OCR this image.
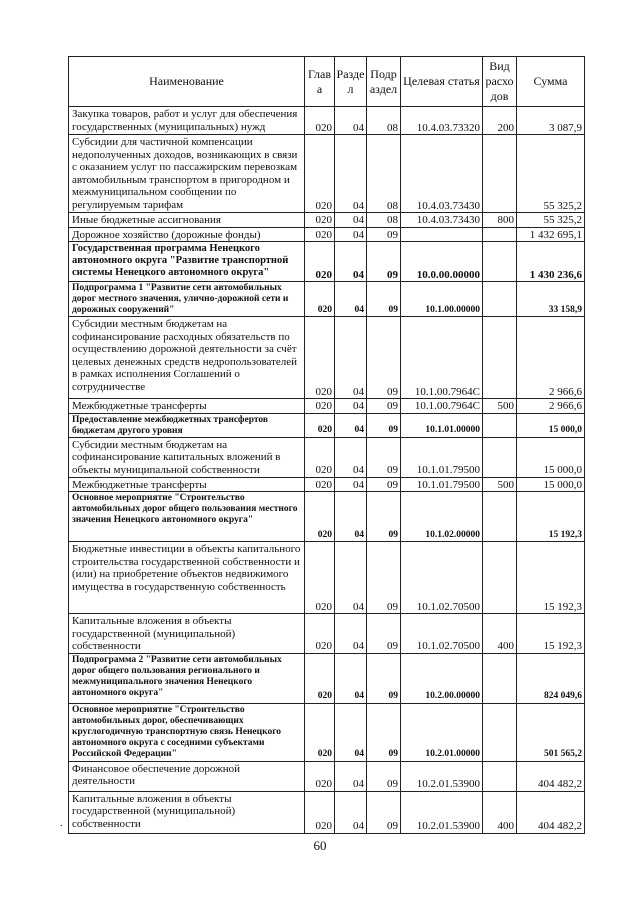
Наименование	Глав а	Разде л	Подр аздел	Целевая статья	Вид расхо дов	Сумма
Закупка товаров, работ и услуг для обеспечения государственных (муниципальных) нужд	020	04	08	10.4.03.73320	200	3 087,9
Субсидии для частичной компенсации недополученных доходов, возникающих в связи с оказанием услуг по пассажирским перевозкам автомобильным транспортом в пригородном и межмуниципальном сообщении по регулируемым тарифам	020	04	08	10.4.03.73430		55 325,2
Иные бюджетные ассигнования	020	04	08	10.4.03.73430	800	55 325,2
Дорожное хозяйство (дорожные фонды)	020	04	09			1 432 695,1
Государственная программа Ненецкого автономного округа "Развитие транспортной системы Ненецкого автономного округа"	020	04	09	10.0.00.00000		1 430 236,6
Подпрограмма 1 "Развитие сети автомобильных дорог местного значения, улично-дорожной сети и дорожных сооружений"	020	04	09	10.1.00.00000		33 158,9
Субсидии местным бюджетам на софинансирование расходных обязательств по осуществлению дорожной деятельности за счёт целевых денежных средств недропользователей в рамках исполнения Соглашений о сотрудничестве	020	04	09	10.1.00.7964С		2 966,6
Межбюджетные трансферты	020	04	09	10.1.00.7964С	500	2 966,6
Предоставление межбюджетных трансфертов бюджетам другого уровня	020	04	09	10.1.01.00000		15 000,0
Субсидии местным бюджетам на софинансирование капитальных вложений в объекты муниципальной собственности	020	04	09	10.1.01.79500		15 000,0
Межбюджетные трансферты	020	04	09	10.1.01.79500	500	15 000,0
Основное мероприятие "Строительство автомобильных дорог общего пользования местного значения Ненецкого автономного округа"	020	04	09	10.1.02.00000		15 192,3
Бюджетные инвестиции в объекты капитального строительства государственной собственности и (или) на приобретение объектов недвижимого имущества в государственную собственность	020	04	09	10.1.02.70500		15 192,3
Капитальные вложения в объекты государственной (муниципальной) собственности	020	04	09	10.1.02.70500	400	15 192,3
Подпрограмма 2 "Развитие сети автомобильных дорог общего пользования регионального и межмуниципального значения Ненецкого автономного округа"	020	04	09	10.2.00.00000		824 049,6
Основное мероприятие "Строительство автомобильных дорог, обеспечивающих круглогодичную транспортную связь Ненецкого автономного округа с соседними субъектами Российской Федерации"	020	04	09	10.2.01.00000		501 565,2
Финансовое обеспечение дорожной деятельности	020	04	09	10.2.01.53900		404 482,2
Капитальные вложения в объекты государственной (муниципальной) собственности	020	04	09	10.2.01.53900	400	404 482,2
.
60
